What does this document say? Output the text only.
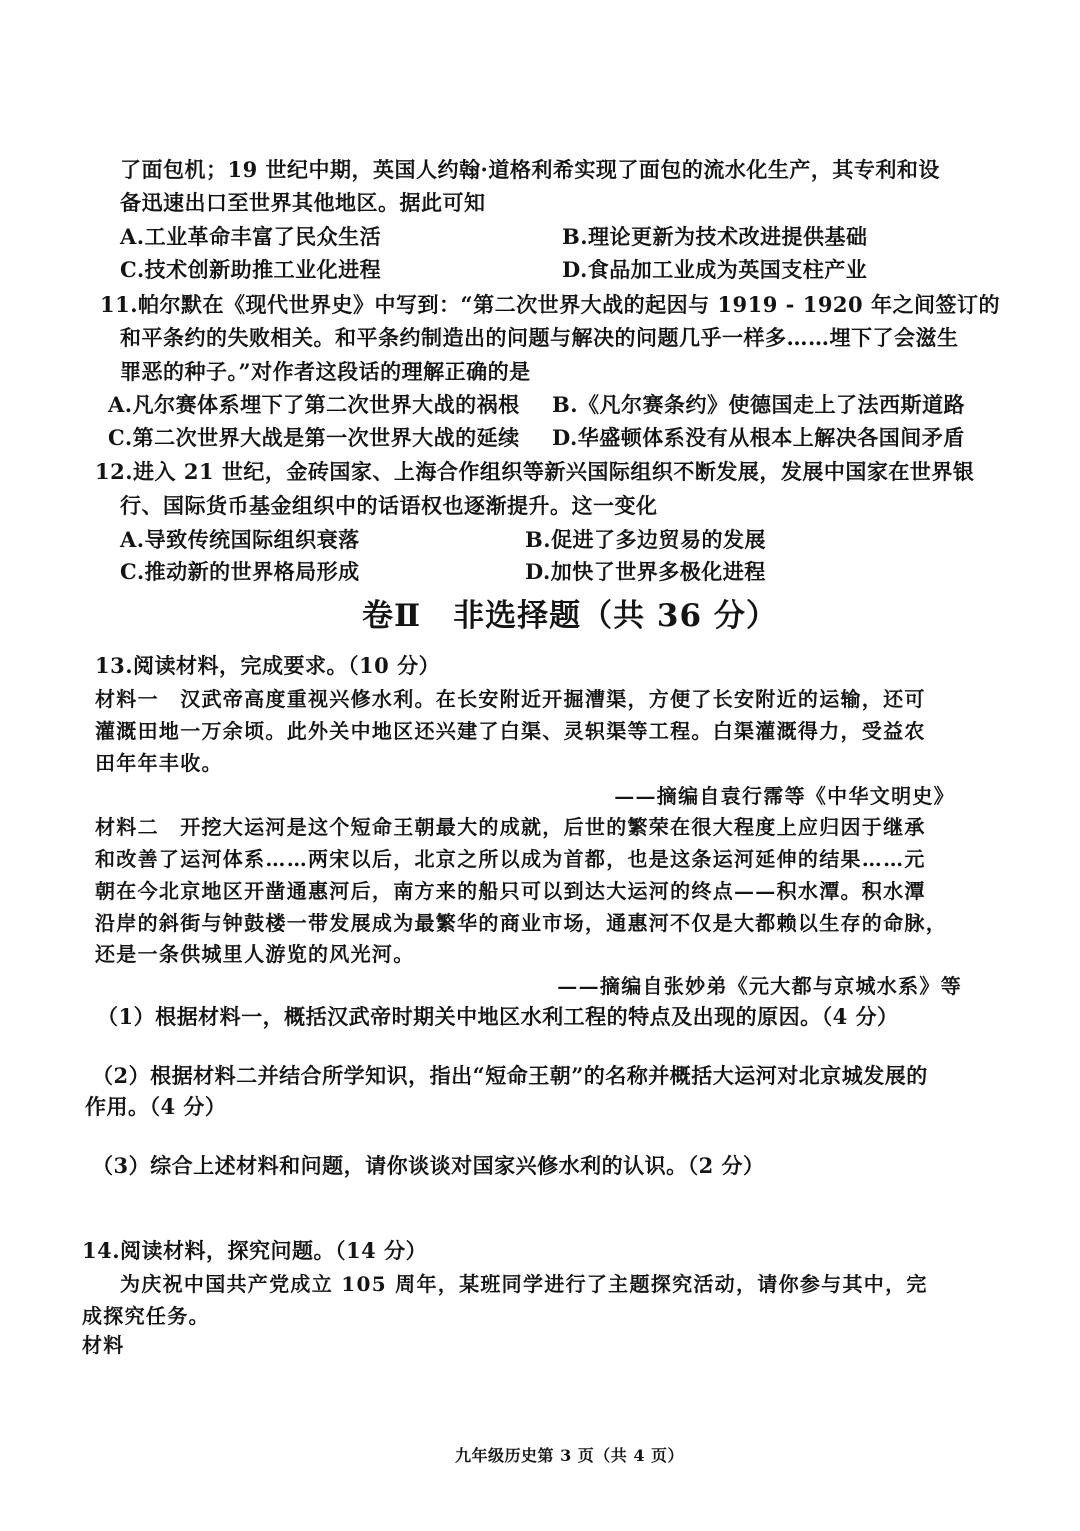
了面包机；19 世纪中期，英国人约翰·道格利希实现了面包的流水化生产，其专利和设
备迅速出口至世界其他地区。据此可知
A.工业革命丰富了民众生活	B.理论更新为技术改进提供基础
C.技术创新助推工业化进程	D.食品加工业成为英国支柱产业
11.帕尔默在《现代世界史》中写到：“第二次世界大战的起因与 1919 - 1920 年之间签订的
和平条约的失败相关。和平条约制造出的问题与解决的问题几乎一样多……埋下了会滋生
罪恶的种子。”对作者这段话的理解正确的是
A.凡尔赛体系埋下了第二次世界大战的祸根 B.《凡尔赛条约》使德国走上了法西斯道路
C.第二次世界大战是第一次世界大战的延续 D.华盛顿体系没有从根本上解决各国间矛盾
12.进入 21 世纪，金砖国家、上海合作组织等新兴国际组织不断发展，发展中国家在世界银
行、国际货币基金组织中的话语权也逐渐提升。这一变化
A.导致传统国际组织衰落	B.促进了多边贸易的发展
C.推动新的世界格局形成	D.加快了世界多极化进程
卷Ⅱ　非选择题（共 36 分）
13.阅读材料，完成要求。（10 分）
材料一　汉武帝高度重视兴修水利。在长安附近开掘漕渠，方便了长安附近的运输，还可
灌溉田地一万余顷。此外关中地区还兴建了白渠、灵轵渠等工程。白渠灌溉得力，受益农
田年年丰收。
——摘编自袁行霈等《中华文明史》
材料二　开挖大运河是这个短命王朝最大的成就，后世的繁荣在很大程度上应归因于继承
和改善了运河体系……两宋以后，北京之所以成为首都，也是这条运河延伸的结果……元
朝在今北京地区开凿通惠河后，南方来的船只可以到达大运河的终点——积水潭。积水潭
沿岸的斜街与钟鼓楼一带发展成为最繁华的商业市场，通惠河不仅是大都赖以生存的命脉，
还是一条供城里人游览的风光河。
——摘编自张妙弟《元大都与京城水系》等
（1）根据材料一，概括汉武帝时期关中地区水利工程的特点及出现的原因。（4 分）
（2）根据材料二并结合所学知识，指出“短命王朝”的名称并概括大运河对北京城发展的
作用。（4 分）
（3）综合上述材料和问题，请你谈谈对国家兴修水利的认识。（2 分）
14.阅读材料，探究问题。（14 分）
为庆祝中国共产党成立 105 周年，某班同学进行了主题探究活动，请你参与其中，完
成探究任务。
材料
九年级历史第 3 页（共 4 页）
